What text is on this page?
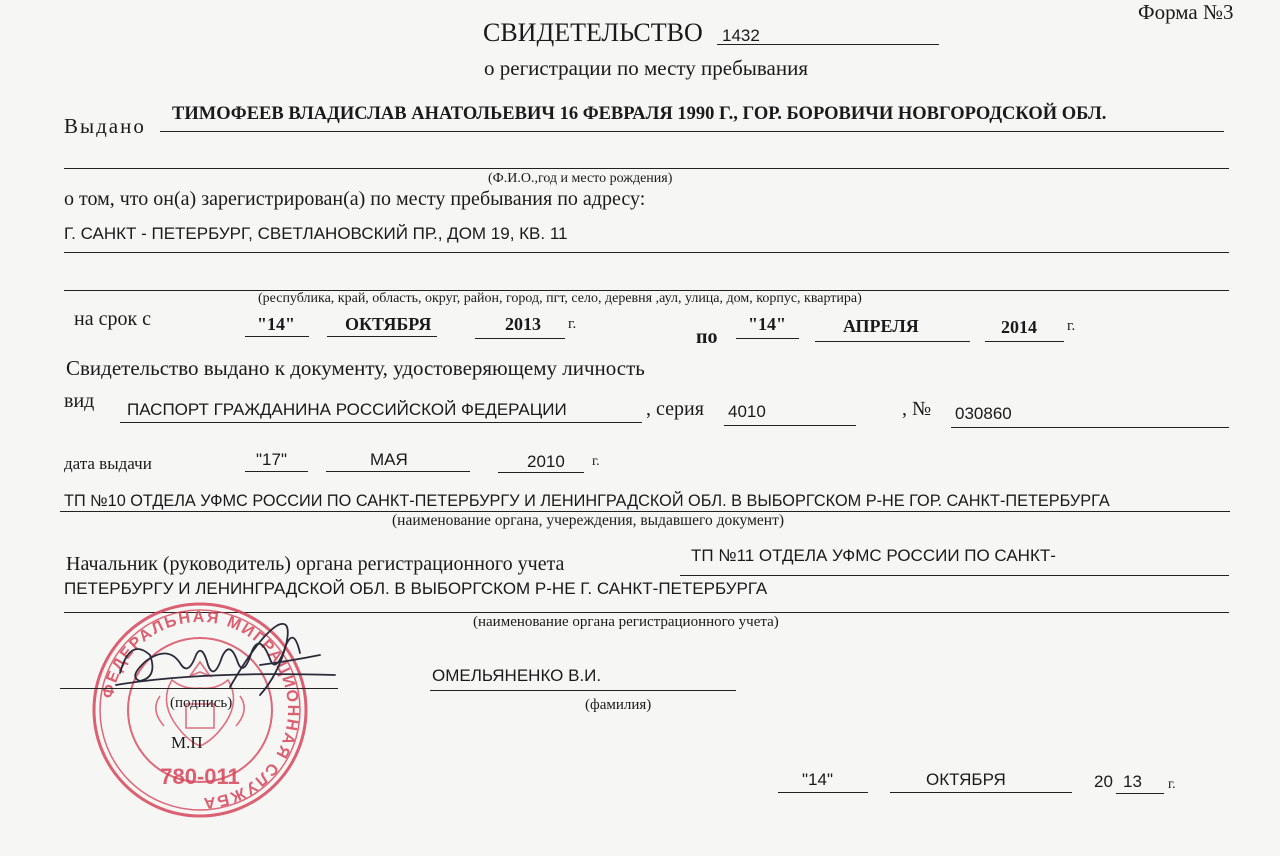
Форма №3
СВИДЕТЕЛЬСТВО 1432
о регистрации по месту пребывания
Выдано ТИМОФЕЕВ ВЛАДИСЛАВ АНАТОЛЬЕВИЧ 16 ФЕВРАЛЯ 1990 Г., ГОР. БОРОВИЧИ НОВГОРОДСКОЙ ОБЛ.
(Ф.И.О.,год и место рождения)
о том, что он(а) зарегистрирован(а) по месту пребывания по адресу:
Г. САНКТ - ПЕТЕРБУРГ, СВЕТЛАНОВСКИЙ ПР., ДОМ 19, КВ. 11
(республика, край, область, округ, район, город, пгт, село, деревня ,аул, улица, дом, корпус, квартира)
на срок с	"14"	ОКТЯБРЯ	2013 г.
по
"14"	АПРЕЛЯ	2014 г.
Свидетельство выдано к документу, удостоверяющему личность
вид ПАСПОРТ ГРАЖДАНИНА РОССИЙСКОЙ ФЕДЕРАЦИИ	, серия 4010	, № 030860
дата выдачи	"17"	МАЯ	2010 г.
ТП №10 ОТДЕЛА УФМС РОССИИ ПО САНКТ-ПЕТЕРБУРГУ И ЛЕНИНГРАДСКОЙ ОБЛ. В ВЫБОРГСКОМ Р-НЕ ГОР. САНКТ-ПЕТЕРБУРГА
(наименование органа, учереждения, выдавшего документ)
Начальник (руководитель) органа регистрационного учета	ТП №11 ОТДЕЛА УФМС РОССИИ ПО САНКТ-
ПЕТЕРБУРГУ И ЛЕНИНГРАДСКОЙ ОБЛ. В ВЫБОРГСКОМ Р-НЕ Г. САНКТ-ПЕТЕРБУРГА
(наименование органа регистрационного учета)
ФЕДЕРАЛЬНАЯ МИГРАЦИОННАЯ СЛУЖБА
780-011
(подпись)
М.П
ОМЕЛЬЯНЕНКО В.И.
(фамилия)
"14"	ОКТЯБРЯ	20 13 г.
